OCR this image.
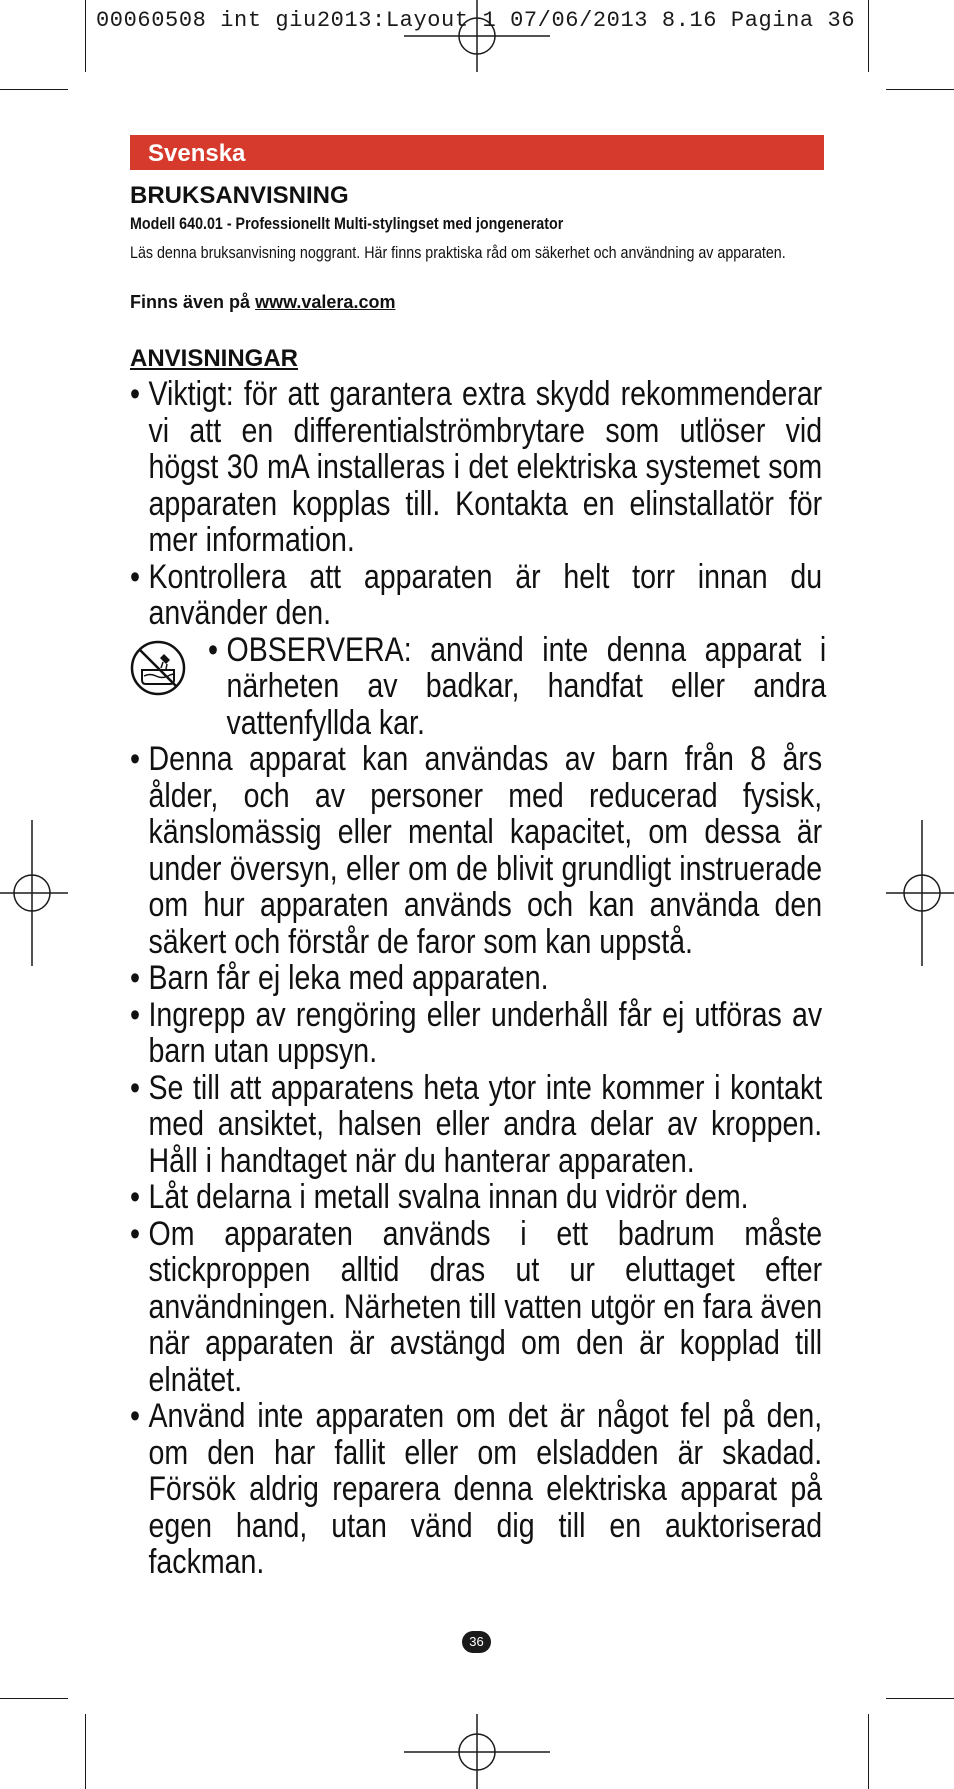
00060508 int giu2013:Layout 1 07/06/2013 8.16 Pagina 36
Svenska
BRUKSANVISNING
Modell 640.01 - Professionellt Multi-stylingset med jongenerator
Läs denna bruksanvisning noggrant. Här finns praktiska råd om säkerhet och användning av apparaten.
Finns även på www.valera.com
ANVISNINGAR

• Viktigt: för att garantera extra skydd rekommenderar vi att en differentialströmbrytare som utlöser vid högst 30 mA installeras i det elektriska systemet som apparaten kopplas till. Kontakta en elinstallatör för mer information.

• Kontrollera att apparaten är helt torr innan du använder den.

• OBSERVERA: använd inte denna apparat i närheten av badkar, handfat eller andra vattenfyllda kar.

• Denna apparat kan användas av barn från 8 års ålder, och av personer med reducerad fysisk, känslomässig eller mental kapacitet, om dessa är under översyn, eller om de blivit grundligt instruerade om hur apparaten används och kan använda den säkert och förstår de faror som kan uppstå.

• Barn får ej leka med apparaten.

• Ingrepp av rengöring eller underhåll får ej utföras av barn utan uppsyn.

• Se till att apparatens heta ytor inte kommer i kontakt med ansiktet, halsen eller andra delar av kroppen. Håll i handtaget när du hanterar apparaten.

• Låt delarna i metall svalna innan du vidrör dem.

• Om apparaten används i ett badrum måste stickproppen alltid dras ut ur eluttaget efter användningen. Närheten till vatten utgör en fara även när apparaten är avstängd om den är kopplad till elnätet.

• Använd inte apparaten om det är något fel på den, om den har fallit eller om elsladden är skadad. Försök aldrig reparera denna elektriska apparat på egen hand, utan vänd dig till en auktoriserad fackman.

36
